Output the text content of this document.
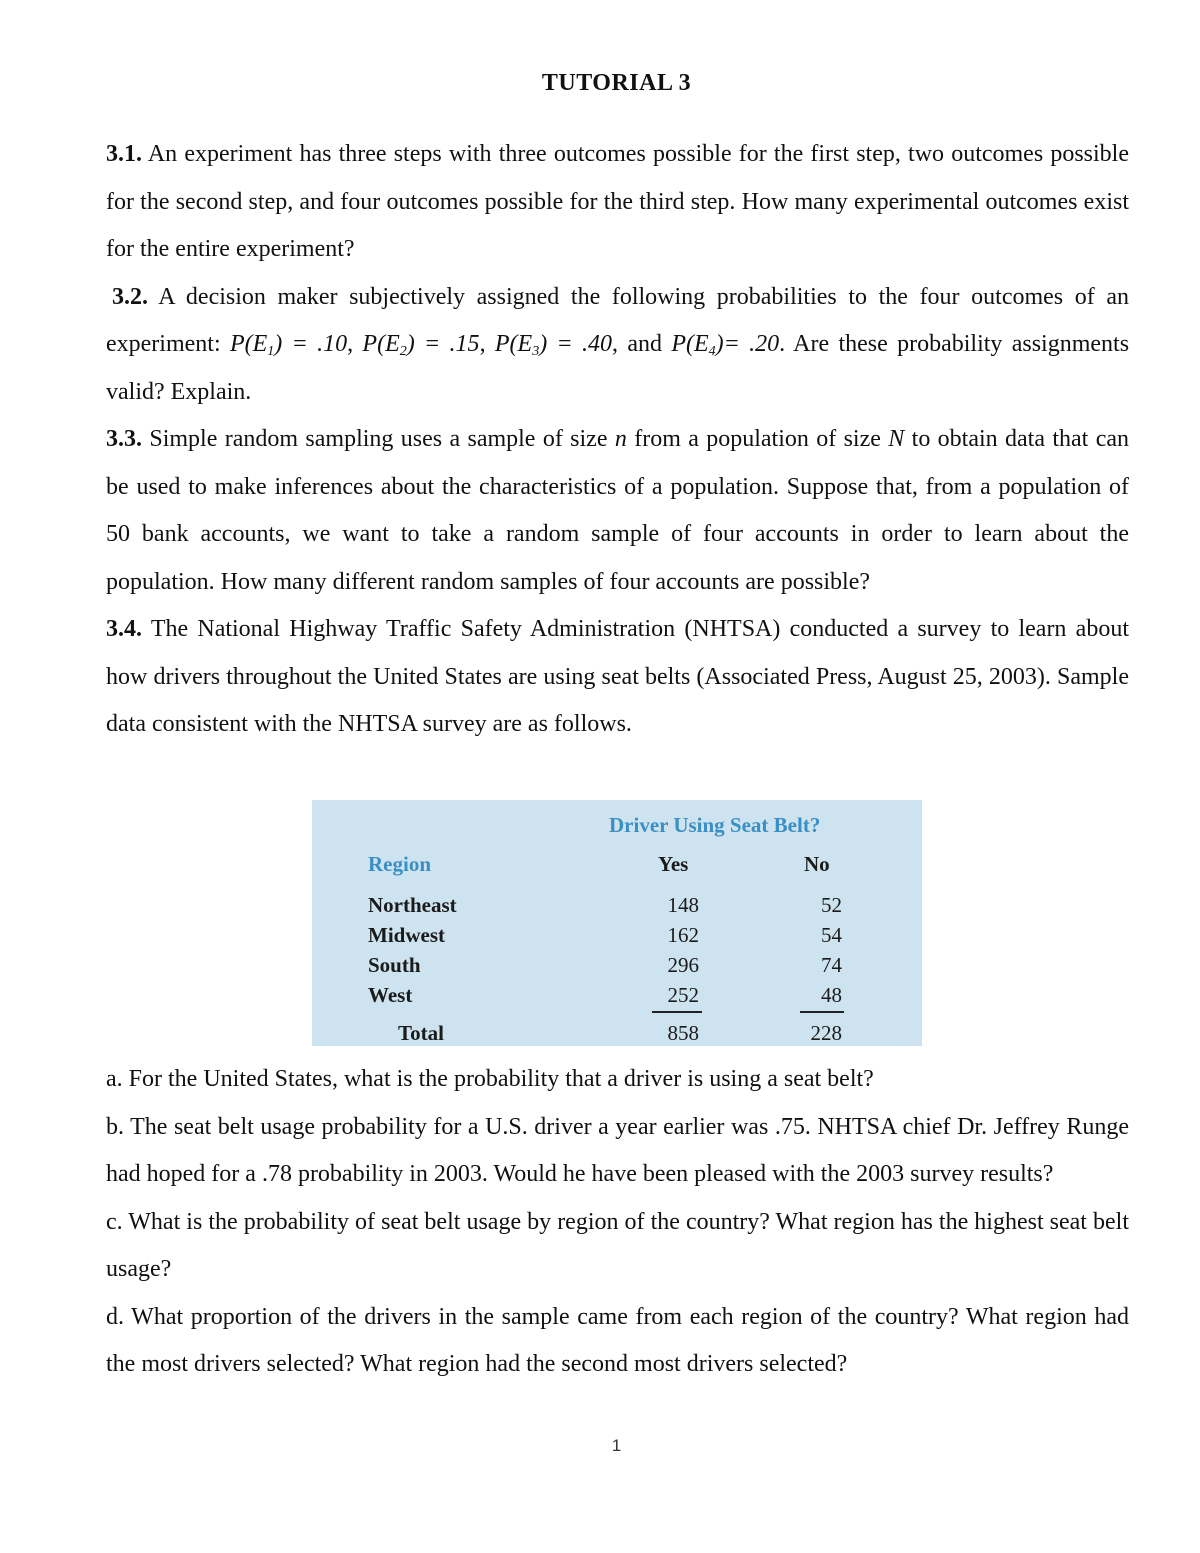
TUTORIAL 3

3.1. An experiment has three steps with three outcomes possible for the first step, two outcomes possible for the second step, and four outcomes possible for the third step. How many experimental outcomes exist for the entire experiment?

3.2. A decision maker subjectively assigned the following probabilities to the four outcomes of an experiment: $P(E_1) = .10$, $P(E_2) = .15$, $P(E_3) = .40$, and $P(E_4)= .20$. Are these probability assignments valid? Explain.

3.3. Simple random sampling uses a sample of size n from a population of size N to obtain data that can be used to make inferences about the characteristics of a population. Suppose that, from a population of 50 bank accounts, we want to take a random sample of four accounts in order to learn about the population. How many different random samples of four accounts are possible?

3.4. The National Highway Traffic Safety Administration (NHTSA) conducted a survey to learn about how drivers throughout the United States are using seat belts (Associated Press, August 25, 2003). Sample data consistent with the NHTSA survey are as follows.

Driver Using Seat Belt?
Region	Yes	No
Northeast	148	52
Midwest	162	54
South	296	74
West	252	48
Total	858	228

a. For the United States, what is the probability that a driver is using a seat belt?

b. The seat belt usage probability for a U.S. driver a year earlier was .75. NHTSA chief Dr. Jeffrey Runge had hoped for a .78 probability in 2003. Would he have been pleased with the 2003 survey results?

c. What is the probability of seat belt usage by region of the country? What region has the highest seat belt usage?

d. What proportion of the drivers in the sample came from each region of the country? What region had the most drivers selected? What region had the second most drivers selected?

1
